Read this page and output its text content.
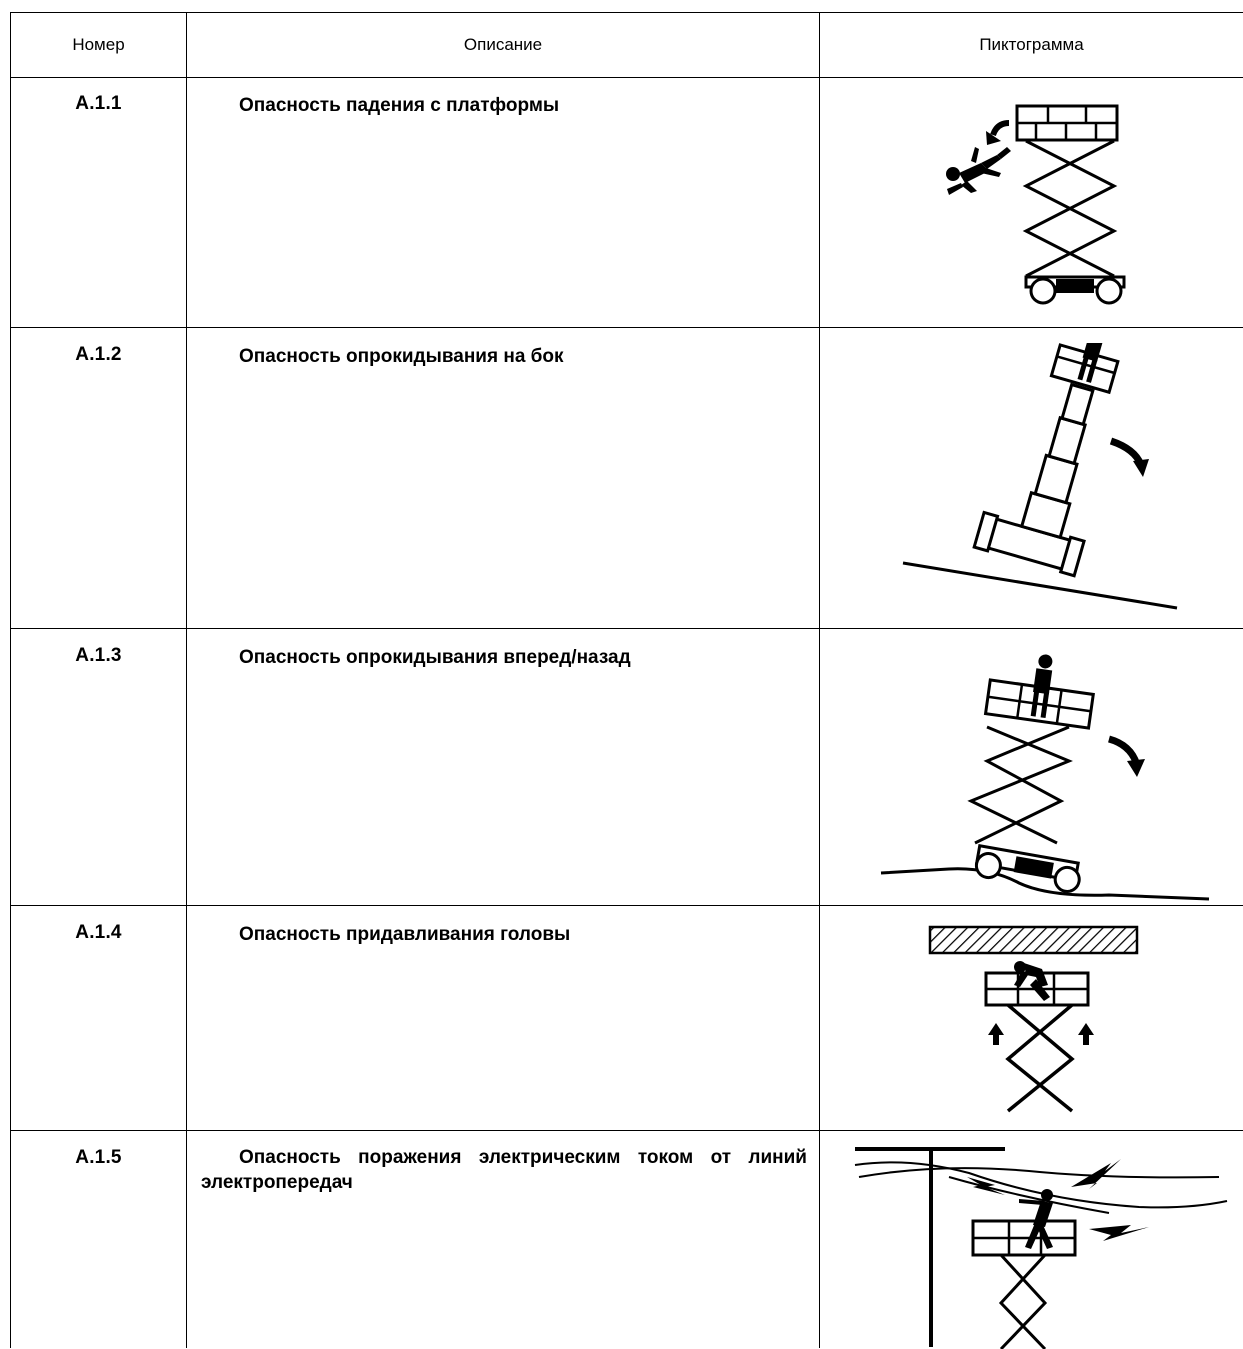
Номер	Описание	Пиктограмма
A.1.1	Опасность падения с платформы
A.1.2	Опасность опрокидывания на бок
A.1.3	Опасность опрокидывания вперед/назад
A.1.4	Опасность придавливания головы
A.1.5	Опасность поражения электрическим током от линий электропередач
